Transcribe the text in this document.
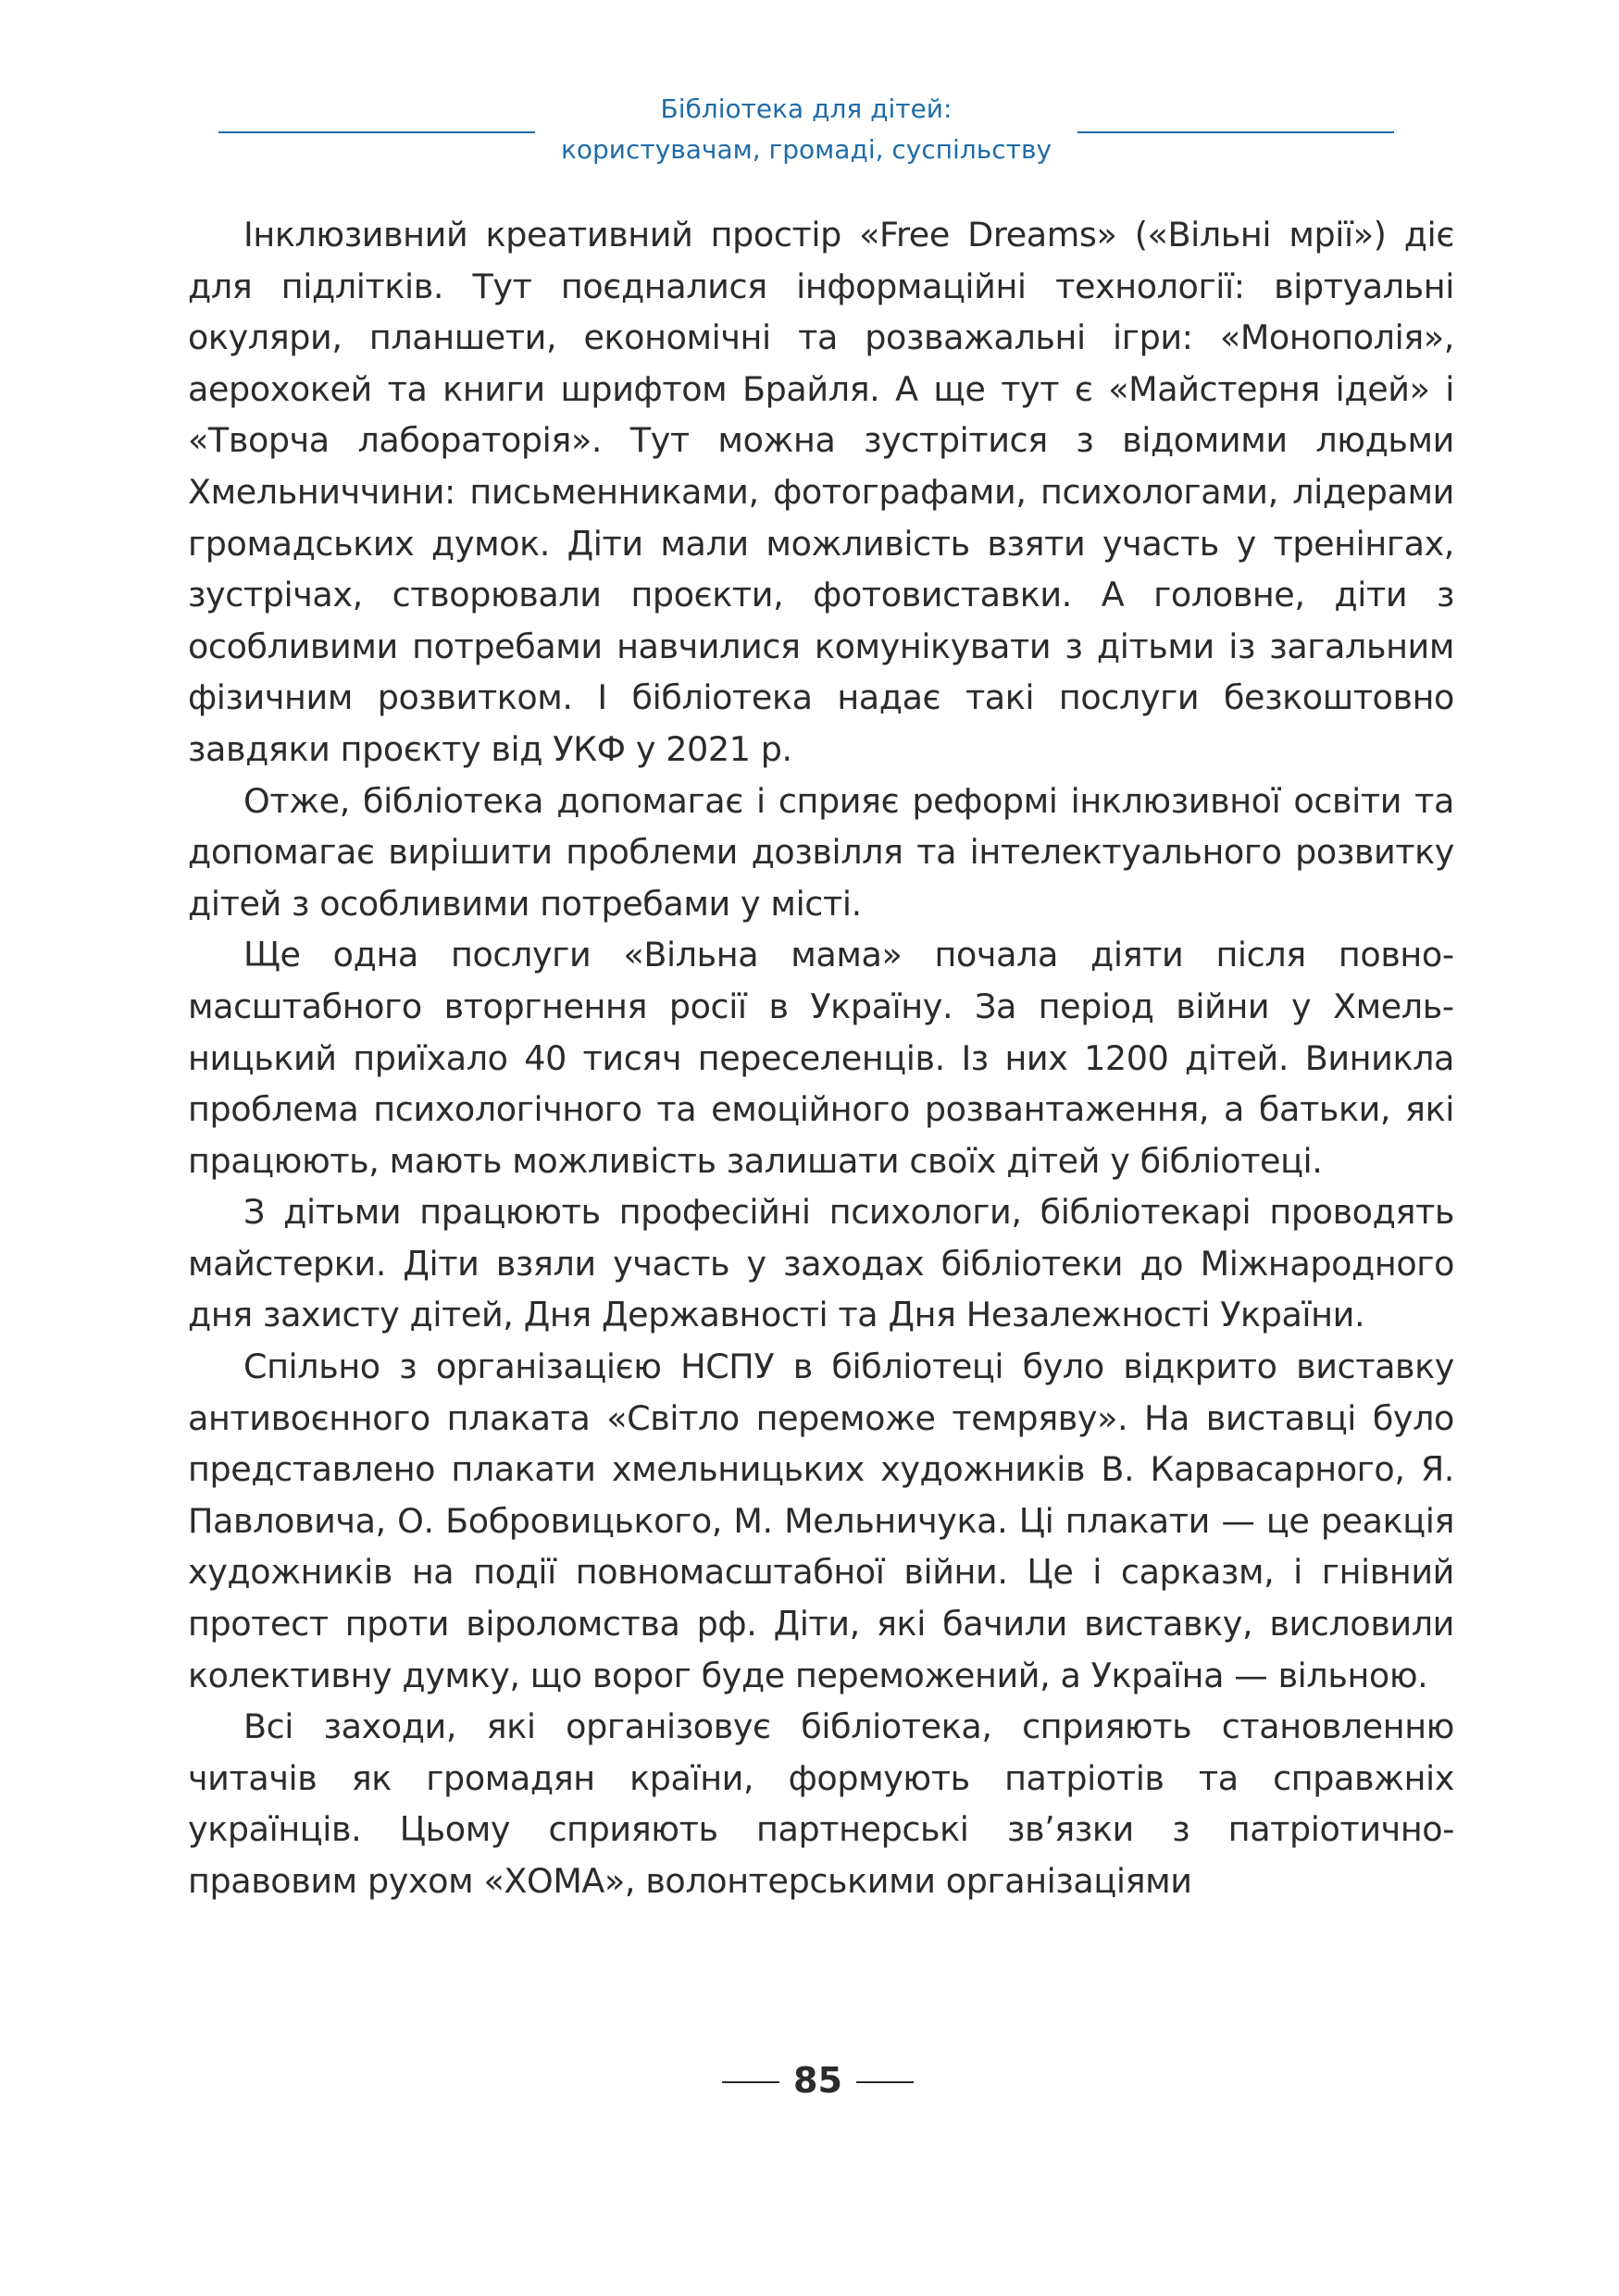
Бібліотека для дітей:
користувачам, громаді, суспільству

Інклюзивний креативний простір «Free Dreams» («Вільні мрії») діє для підлітків. Тут поєдналися інформаційні технології: віртуальні окуляри, планшети, економічні та розважальні ігри: «Монополія», аерохокей та книги шрифтом Брайля. А ще тут є «Майстерня ідей» і «Творча лабораторія». Тут можна зустрітися з відомими людьми Хмельниччини: письменниками, фотографами, психологами, лідерами громадських думок. Діти мали можливість взяти участь у тренінгах, зустрічах, створювали проєкти, фотовиставки. А головне, діти з особливими потребами навчилися комунікувати з дітьми із загальним фізичним розвитком. І бібліотека надає такі послуги безкоштовно завдяки проєкту від УКФ у 2021 р.

Отже, бібліотека допомагає і сприяє реформі інклюзивної освіти та допомагає вирішити проблеми дозвілля та інтелектуального розвитку дітей з особливими потребами у місті.

Ще одна послуги «Вільна мама» почала діяти після повномасштабного вторгнення росії в Україну. За період війни у Хмельницький приїхало 40 тисяч переселенців. Із них 1200 дітей. Виникла проблема психологічного та емоційного розвантаження, а батьки, які працюють, мають можливість залишати своїх дітей у бібліотеці.

З дітьми працюють професійні психологи, бібліотекарі проводять майстерки. Діти взяли участь у заходах бібліотеки до Міжнародного дня захисту дітей, Дня Державності та Дня Незалежності України.

Спільно з організацією НСПУ в бібліотеці було відкрито виставку антивоєнного плаката «Світло переможе темряву». На виставці було представлено плакати хмельницьких художників В. Карвасарного, Я. Павловича, О. Бобровицького, М. Мельничука. Ці плакати — це реакція художників на події повномасштабної війни. Це і сарказм, і гнівний протест проти віроломства рф. Діти, які бачили виставку, висловили колективну думку, що ворог буде переможений, а Україна — вільною.

Всі заходи, які організовує бібліотека, сприяють становленню читачів як громадян країни, формують патріотів та справжніх українців. Цьому сприяють партнерські зв’язки з патріотично-правовим рухом «ХОМА», волонтерськими організаціями

85
